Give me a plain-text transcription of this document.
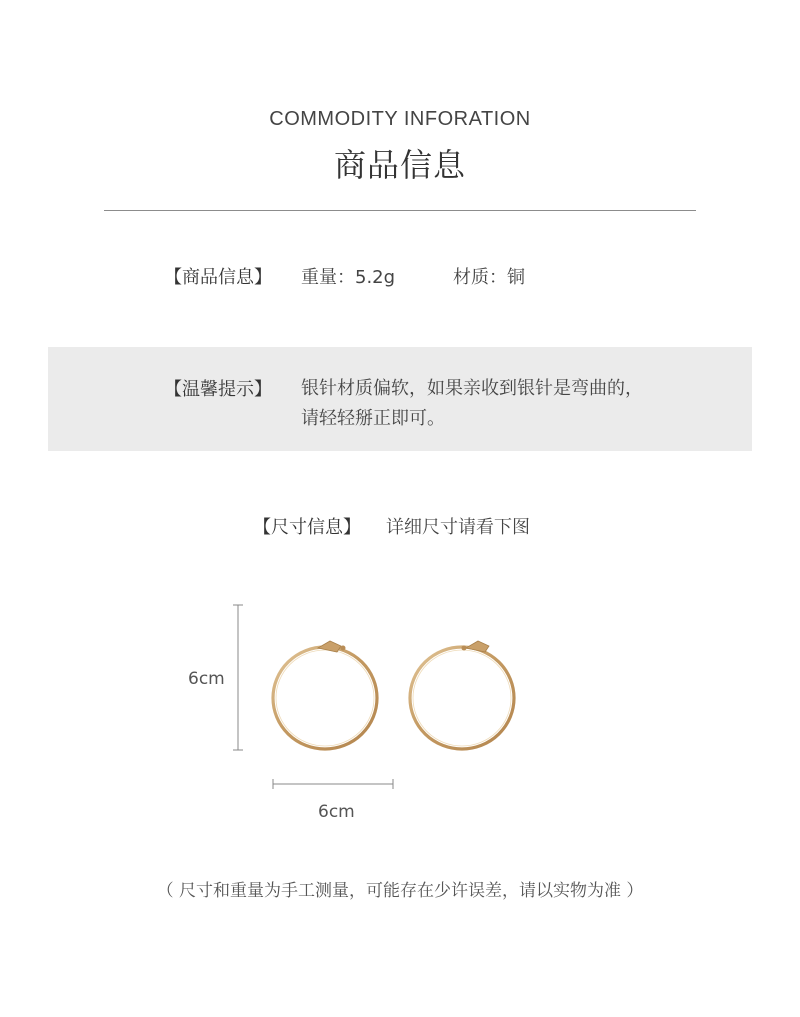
COMMODITY INFORATION
商品信息
【商品信息】 重量：5.2g	材质：铜
【温馨提示】 银针材质偏软，如果亲收到银针是弯曲的，
请轻轻掰正即可。
【尺寸信息】 详细尺寸请看下图
6cm
6cm
（ 尺寸和重量为手工测量，可能存在少许误差，请以实物为准 ）
